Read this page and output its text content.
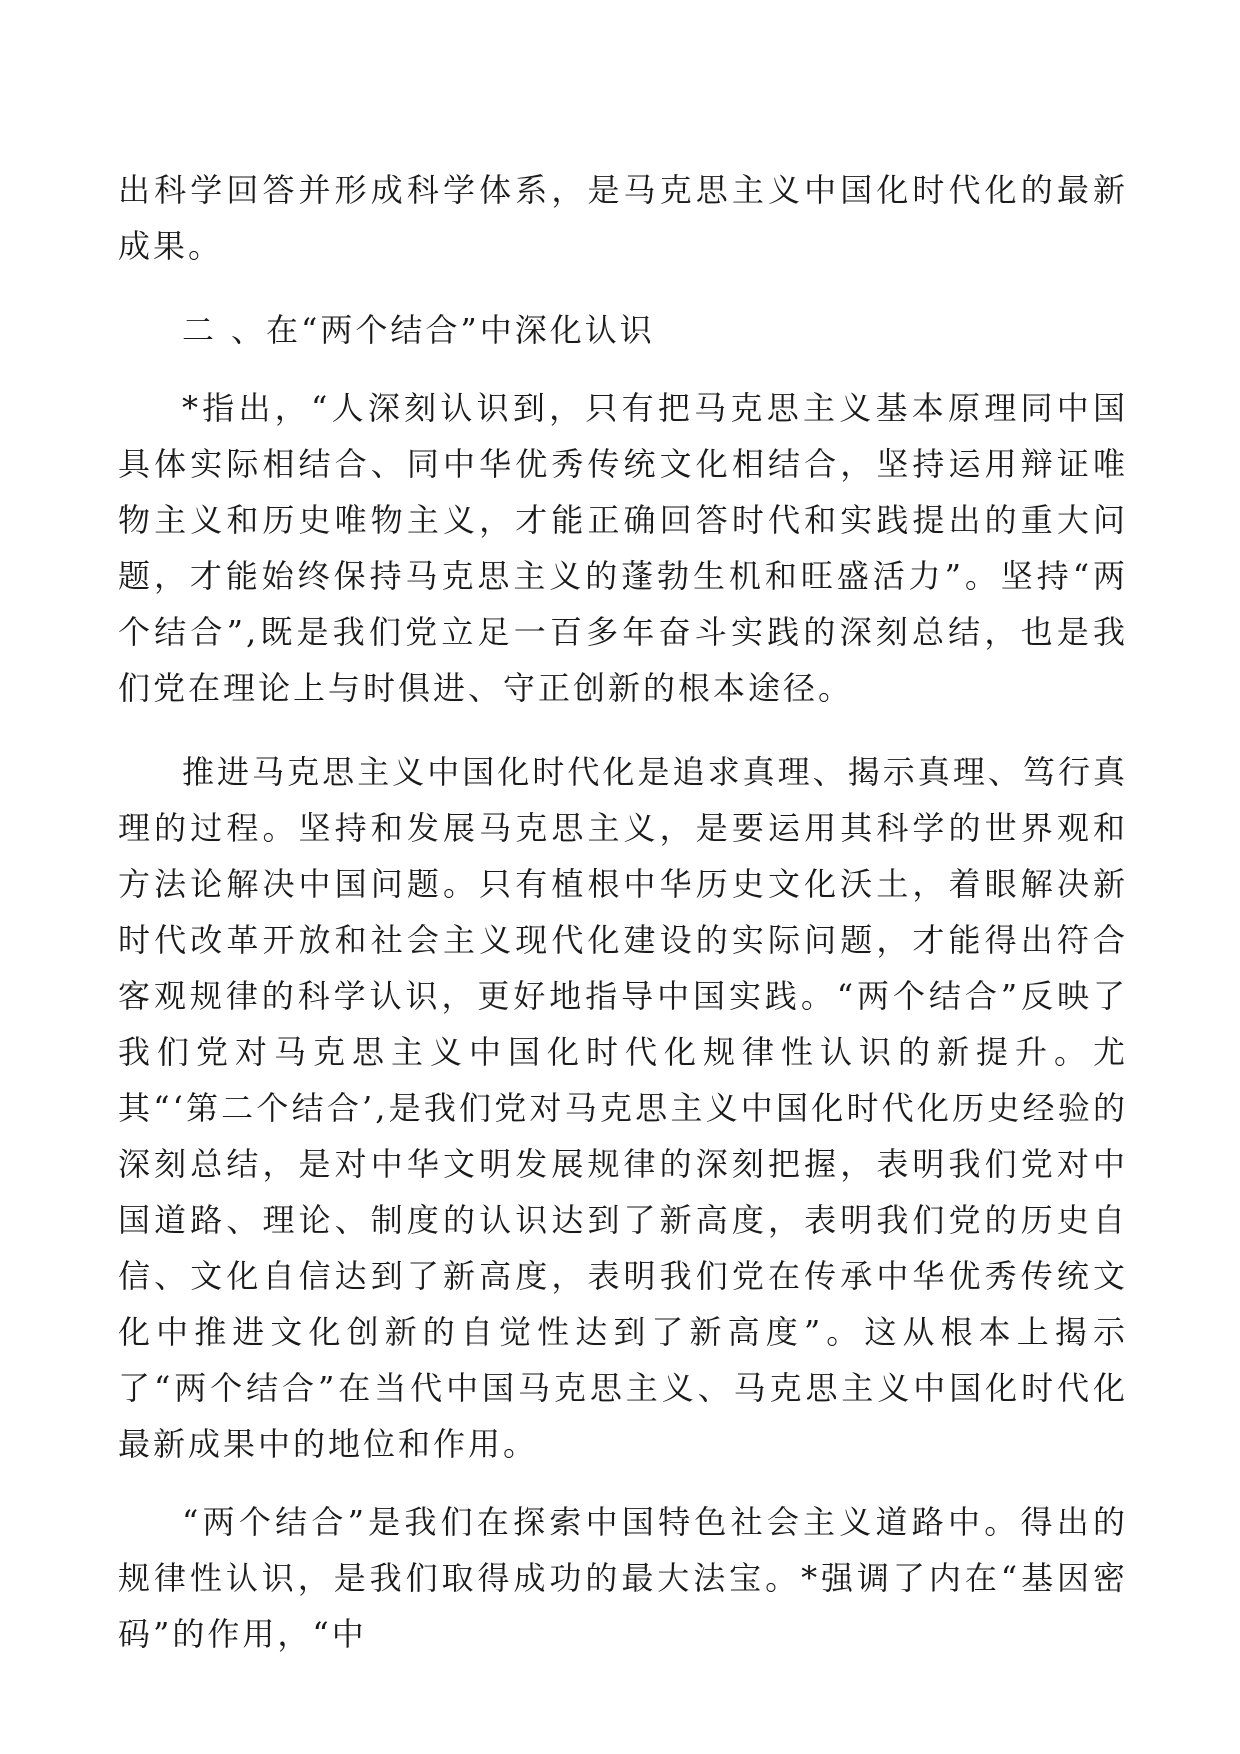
出科学回答并形成科学体系，是马克思主义中国化时代化的最新成果。

二 、在“两个结合”中深化认识

*指出，“人深刻认识到，只有把马克思主义基本原理同中国具体实际相结合、同中华优秀传统文化相结合，坚持运用辩证唯物主义和历史唯物主义，才能正确回答时代和实践提出的重大问题，才能始终保持马克思主义的蓬勃生机和旺盛活力”。坚持“两个结合”,既是我们党立足一百多年奋斗实践的深刻总结，也是我们党在理论上与时俱进、守正创新的根本途径。

推进马克思主义中国化时代化是追求真理、揭示真理、笃行真理的过程。坚持和发展马克思主义，是要运用其科学的世界观和方法论解决中国问题。只有植根中华历史文化沃土，着眼解决新时代改革开放和社会主义现代化建设的实际问题，才能得出符合客观规律的科学认识，更好地指导中国实践。“两个结合”反映了我们党对马克思主义中国化时代化规律性认识的新提升。尤其“‘第二个结合’,是我们党对马克思主义中国化时代化历史经验的深刻总结，是对中华文明发展规律的深刻把握，表明我们党对中国道路、理论、制度的认识达到了新高度，表明我们党的历史自信、文化自信达到了新高度，表明我们党在传承中华优秀传统文化中推进文化创新的自觉性达到了新高度”。这从根本上揭示了“两个结合”在当代中国马克思主义、马克思主义中国化时代化最新成果中的地位和作用。

“两个结合”是我们在探索中国特色社会主义道路中。得出的规律性认识，是我们取得成功的最大法宝。*强调了内在“基因密码”的作用，“中
